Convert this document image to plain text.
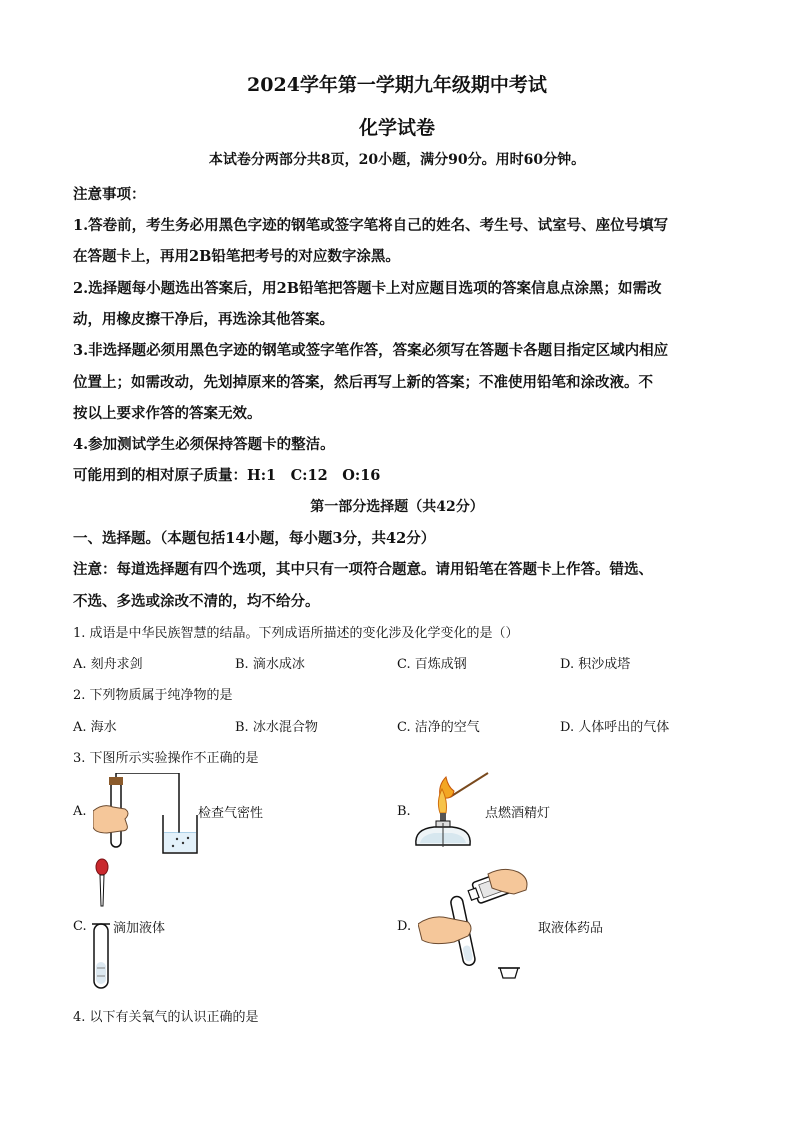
2024学年第一学期九年级期中考试
化学试卷
本试卷分两部分共8页，20小题，满分90分。用时60分钟。
注意事项：
1.答卷前，考生务必用黑色字迹的钢笔或签字笔将自己的姓名、考生号、试室号、座位号填写
在答题卡上，再用2B铅笔把考号的对应数字涂黑。
2.选择题每小题选出答案后，用2B铅笔把答题卡上对应题目选项的答案信息点涂黑；如需改
动，用橡皮擦干净后，再选涂其他答案。
3.非选择题必须用黑色字迹的钢笔或签字笔作答，答案必须写在答题卡各题目指定区域内相应
位置上；如需改动，先划掉原来的答案，然后再写上新的答案；不准使用铅笔和涂改液。不
按以上要求作答的答案无效。
4.参加测试学生必须保持答题卡的整洁。
可能用到的相对原子质量：H:1　C:12　O:16
第一部分选择题（共42分）
一、选择题。（本题包括14小题，每小题3分，共42分）
注意：每道选择题有四个选项，其中只有一项符合题意。请用铅笔在答题卡上作答。错选、
不选、多选或涂改不清的，均不给分。
1. 成语是中华民族智慧的结晶。下列成语所描述的变化涉及化学变化的是（）
A. 刻舟求剑	B. 滴水成冰	C. 百炼成钢	D. 积沙成塔
2. 下列物质属于纯净物的是
A. 海水	B. 冰水混合物	C. 洁净的空气	D. 人体呼出的气体
3. 下图所示实验操作不正确的是
A.	检查气密性	B.	点燃酒精灯
C. 滴加液体	D.	取液体药品
4. 以下有关氧气的认识正确的是
